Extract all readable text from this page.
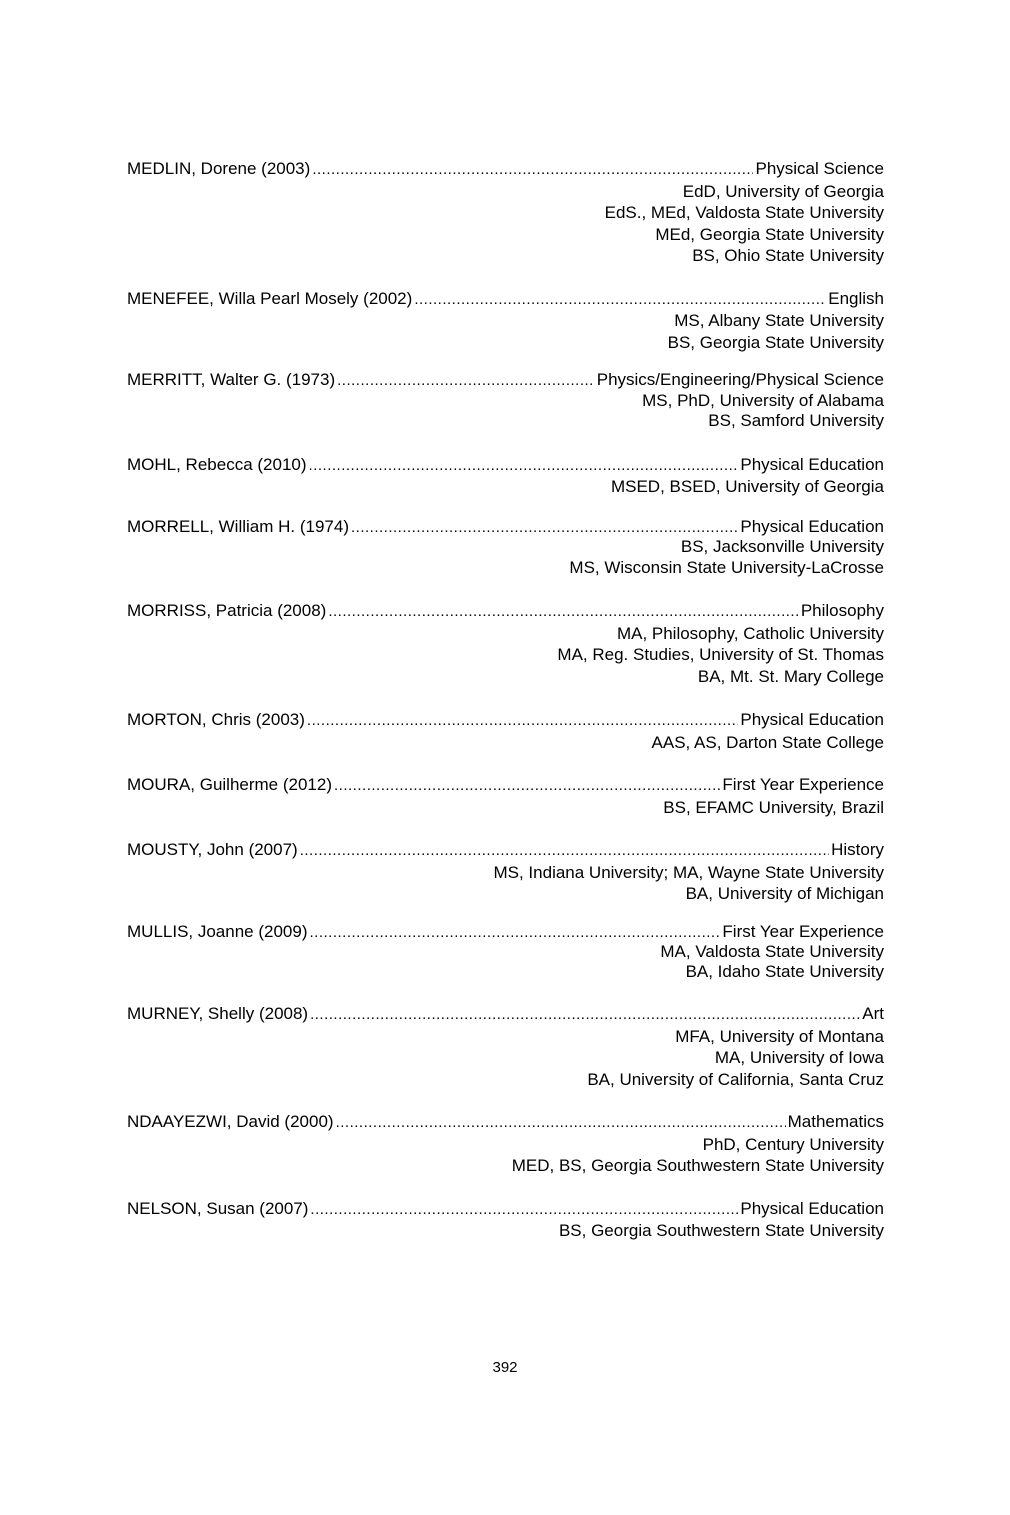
MEDLIN, Dorene (2003) .....	Physical Science
EdD, University of Georgia
EdS., MEd, Valdosta State University
MEd, Georgia State University
BS, Ohio State University
MENEFEE, Willa Pearl Mosely (2002) .....	English
MS, Albany State University
BS, Georgia State University
MERRITT, Walter G. (1973) .....	Physics/Engineering/Physical Science
MS, PhD, University of Alabama
BS, Samford University
MOHL, Rebecca (2010) .....	Physical Education
MSED, BSED, University of Georgia
MORRELL, William H. (1974) .....	Physical Education
BS, Jacksonville University
MS, Wisconsin State University-LaCrosse
MORRISS, Patricia (2008) .....	Philosophy
MA, Philosophy, Catholic University
MA, Reg. Studies, University of St. Thomas
BA, Mt. St. Mary College
MORTON, Chris (2003) .....	Physical Education
AAS, AS, Darton State College
MOURA, Guilherme (2012) .....	First Year Experience
BS, EFAMC University, Brazil
MOUSTY, John (2007) .....	History
MS, Indiana University; MA, Wayne State University
BA, University of Michigan
MULLIS, Joanne (2009) .....	First Year Experience
MA, Valdosta State University
BA, Idaho State University
MURNEY, Shelly (2008) .....	Art
MFA, University of Montana
MA, University of Iowa
BA, University of California, Santa Cruz
NDAAYEZWI, David (2000) .....	Mathematics
PhD, Century University
MED, BS, Georgia Southwestern State University
NELSON, Susan (2007) .....	Physical Education
BS, Georgia Southwestern State University
392
